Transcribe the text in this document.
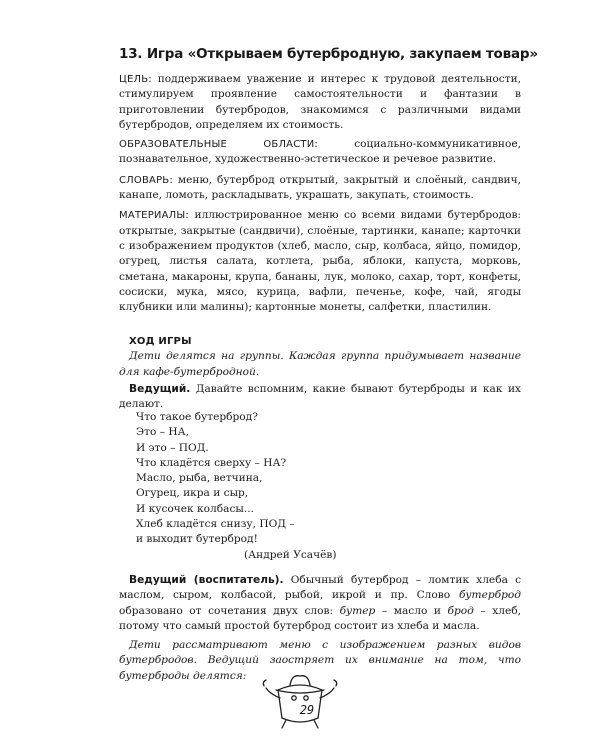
13. Игра «Открываем бутербродную, закупаем товар»

ЦЕЛЬ: поддерживаем уважение и интерес к трудовой деятельности, стимулируем проявление самостоятельности и фантазии в приготовлении бутербродов, знакомимся с различными видами бутербродов, определяем их стоимость.

ОБРАЗОВАТЕЛЬНЫЕ ОБЛАСТИ: социально-коммуникативное, познавательное, художественно-эстетическое и речевое развитие.

СЛОВАРЬ: меню, бутерброд открытый, закрытый и слоёный, сандвич, канапе, ломоть, раскладывать, украшать, закупать, стоимость.

МАТЕРИАЛЫ: иллюстрированное меню со всеми видами бутербродов: открытые, закрытые (сандвичи), слоёные, тартинки, канапе; карточки с изображением продуктов (хлеб, масло, сыр, колбаса, яйцо, помидор, огурец, листья салата, котлета, рыба, яблоки, капуста, морковь, сметана, макароны, крупа, бананы, лук, молоко, сахар, торт, конфеты, сосиски, мука, мясо, курица, вафли, печенье, кофе, чай, ягоды клубники или малины); картонные монеты, салфетки, пластилин.

ХОД ИГРЫ

Дети делятся на группы. Каждая группа придумывает название для кафе-бутербродной.

Ведущий. Давайте вспомним, какие бывают бутерброды и как их делают.

Что такое бутерброд?
Это – НА,
И это – ПОД.
Что кладётся сверху – НА?
Масло, рыба, ветчина,
Огурец, икра и сыр,
И кусочек колбасы...
Хлеб кладётся снизу, ПОД –
и выходит бутерброд!
(Андрей Усачёв)

Ведущий (воспитатель). Обычный бутерброд – ломтик хлеба с маслом, сыром, колбасой, рыбой, икрой и пр. Слово бутерброд образовано от сочетания двух слов: бутер – масло и брод – хлеб, потому что самый простой бутерброд состоит из хлеба и масла.

Дети рассматривают меню с изображением разных видов бутербродов. Ведущий заостряет их внимание на том, что бутерброды делятся:

29
